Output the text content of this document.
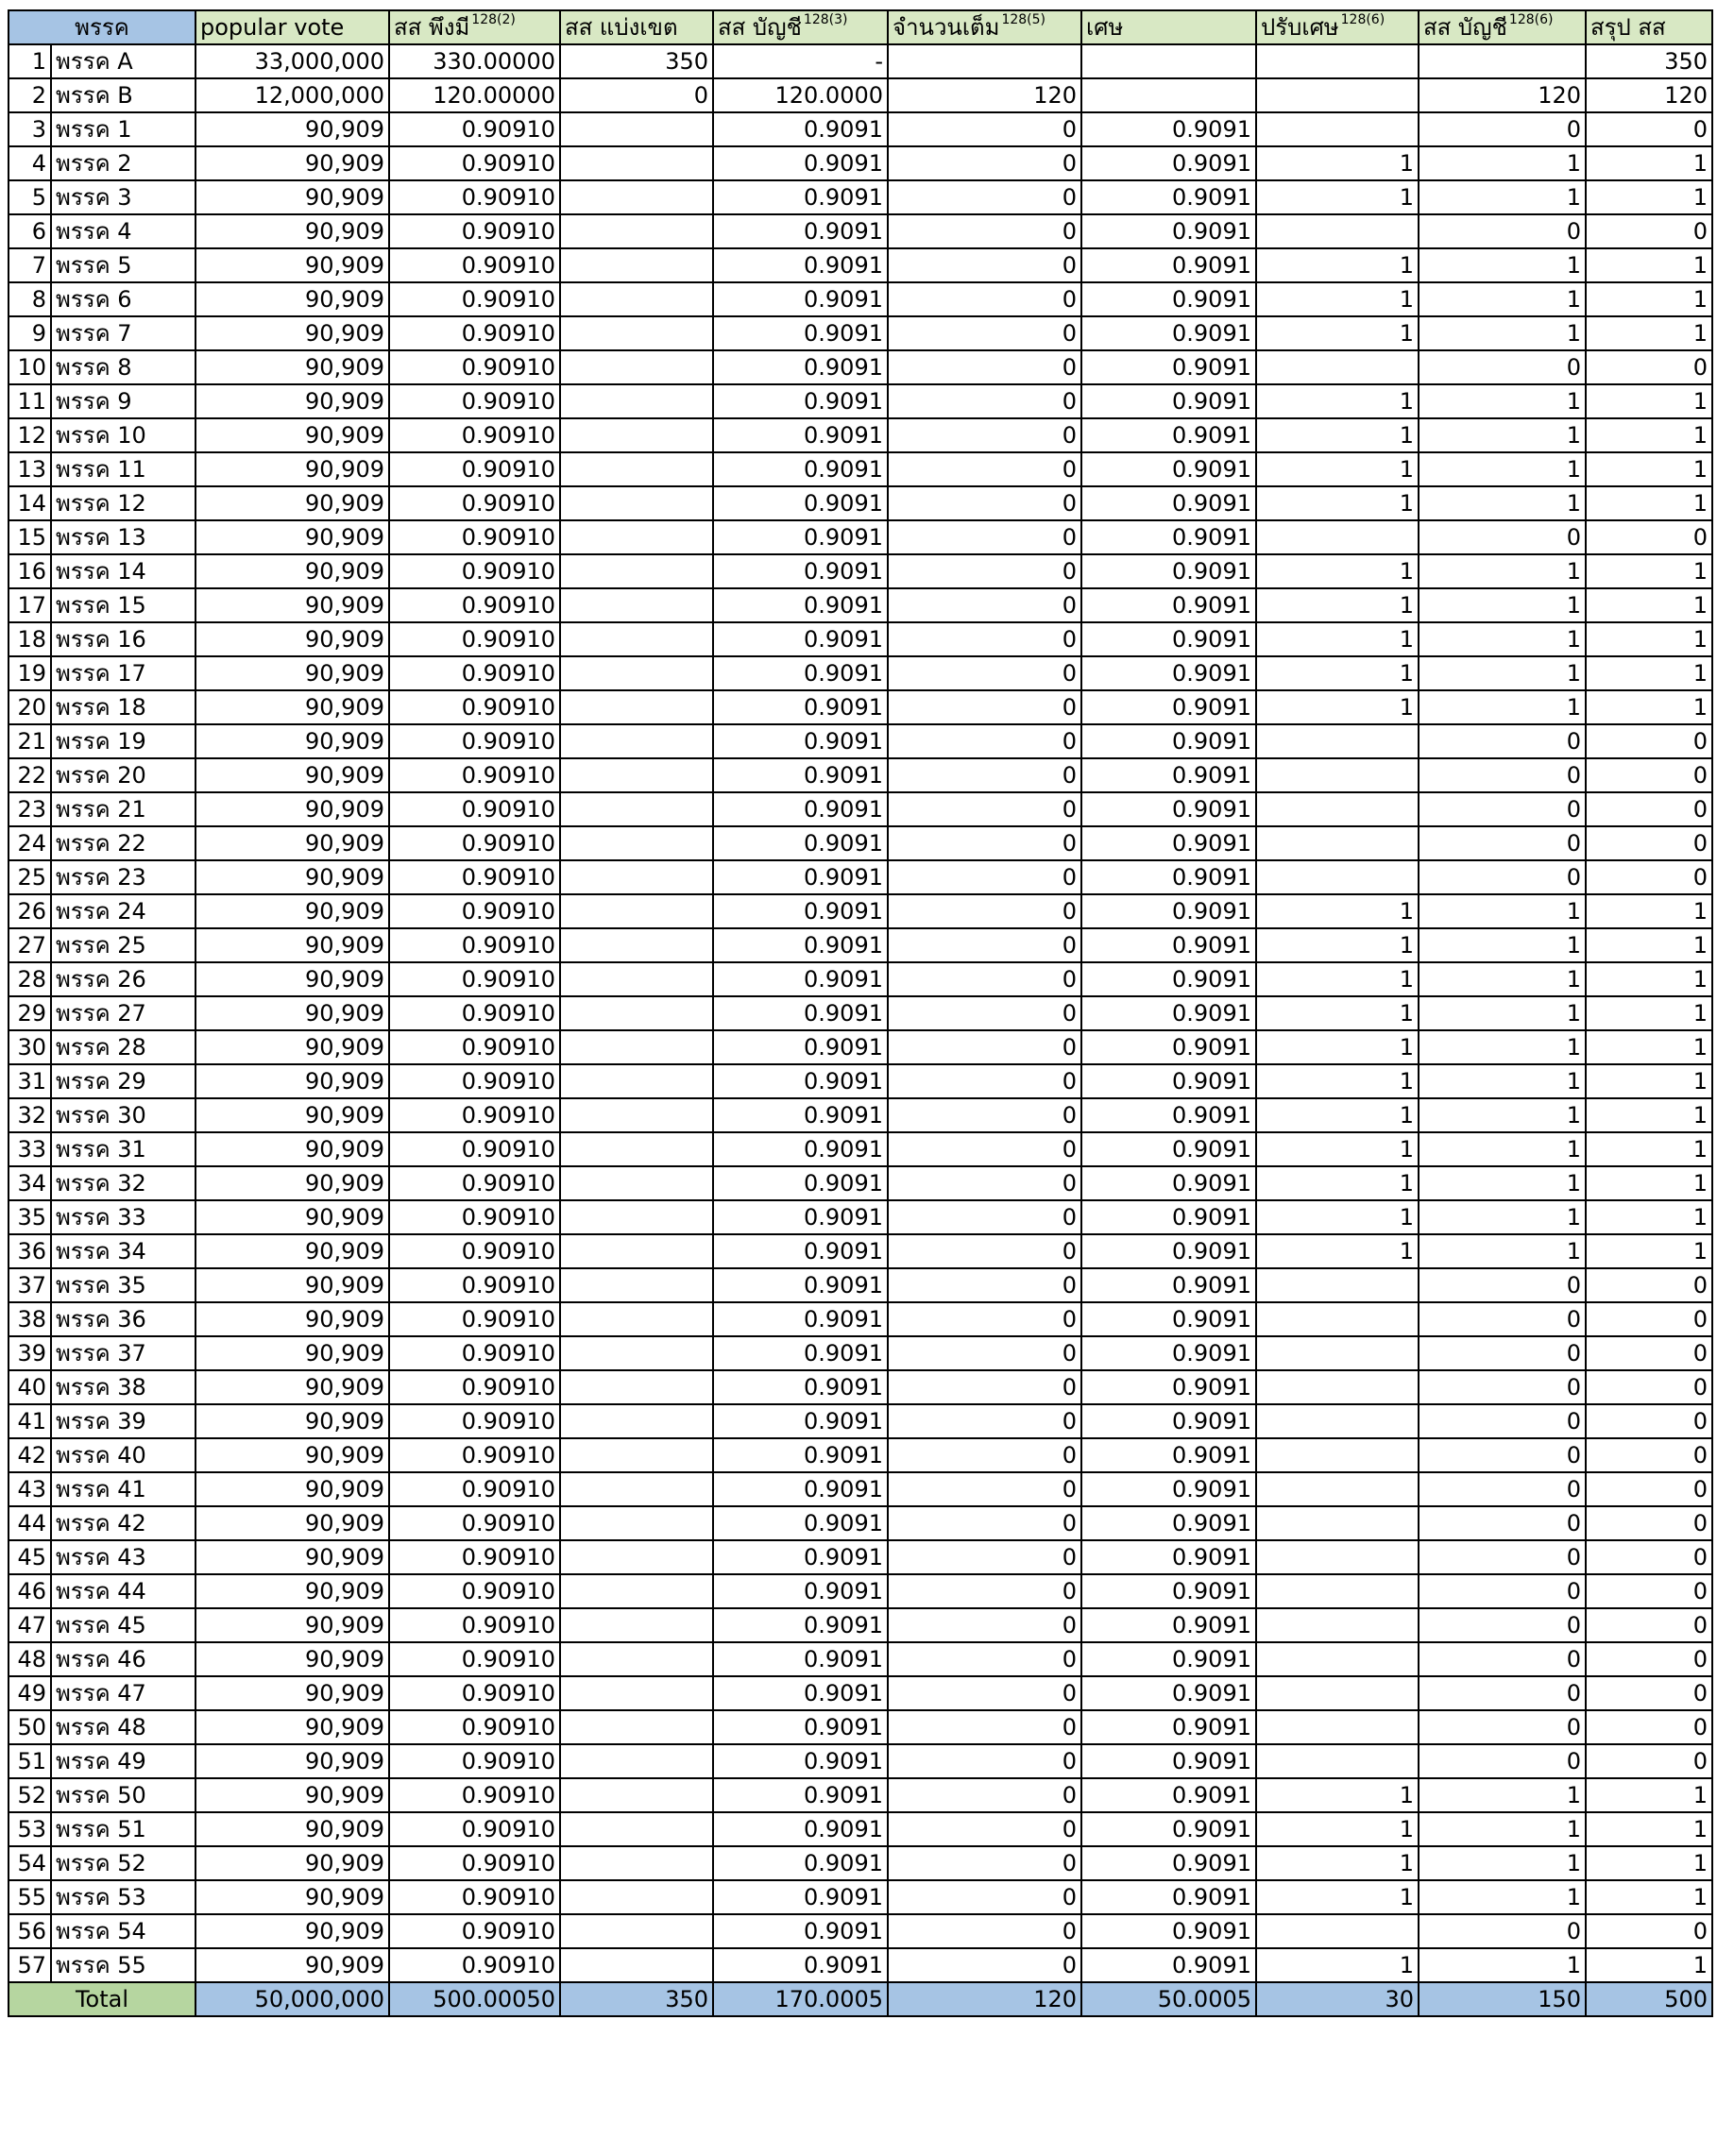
พรรค		popular vote	สส พึงมี $^{128(2)}$	สส แบ่งเขต	สส บัญชี $^{128(3)}$	จำนวนเต็ม $^{128(5)}$	เศษ	ปรับเศษ $^{128(6)}$	สส บัญชี $^{128(6)}$	สรุป สส
1	พรรค A	33,000,000	330.00000	350	-					350
2	พรรค B	12,000,000	120.00000	0	120.0000	120			120	120
3	พรรค 1	90,909	0.90910		0.9091	0	0.9091		0	0
4	พรรค 2	90,909	0.90910		0.9091	0	0.9091	1	1	1
5	พรรค 3	90,909	0.90910		0.9091	0	0.9091	1	1	1
6	พรรค 4	90,909	0.90910		0.9091	0	0.9091		0	0
7	พรรค 5	90,909	0.90910		0.9091	0	0.9091	1	1	1
8	พรรค 6	90,909	0.90910		0.9091	0	0.9091	1	1	1
9	พรรค 7	90,909	0.90910		0.9091	0	0.9091	1	1	1
10	พรรค 8	90,909	0.90910		0.9091	0	0.9091		0	0
11	พรรค 9	90,909	0.90910		0.9091	0	0.9091	1	1	1
12	พรรค 10	90,909	0.90910		0.9091	0	0.9091	1	1	1
13	พรรค 11	90,909	0.90910		0.9091	0	0.9091	1	1	1
14	พรรค 12	90,909	0.90910		0.9091	0	0.9091	1	1	1
15	พรรค 13	90,909	0.90910		0.9091	0	0.9091		0	0
16	พรรค 14	90,909	0.90910		0.9091	0	0.9091	1	1	1
17	พรรค 15	90,909	0.90910		0.9091	0	0.9091	1	1	1
18	พรรค 16	90,909	0.90910		0.9091	0	0.9091	1	1	1
19	พรรค 17	90,909	0.90910		0.9091	0	0.9091	1	1	1
20	พรรค 18	90,909	0.90910		0.9091	0	0.9091	1	1	1
21	พรรค 19	90,909	0.90910		0.9091	0	0.9091		0	0
22	พรรค 20	90,909	0.90910		0.9091	0	0.9091		0	0
23	พรรค 21	90,909	0.90910		0.9091	0	0.9091		0	0
24	พรรค 22	90,909	0.90910		0.9091	0	0.9091		0	0
25	พรรค 23	90,909	0.90910		0.9091	0	0.9091		0	0
26	พรรค 24	90,909	0.90910		0.9091	0	0.9091	1	1	1
27	พรรค 25	90,909	0.90910		0.9091	0	0.9091	1	1	1
28	พรรค 26	90,909	0.90910		0.9091	0	0.9091	1	1	1
29	พรรค 27	90,909	0.90910		0.9091	0	0.9091	1	1	1
30	พรรค 28	90,909	0.90910		0.9091	0	0.9091	1	1	1
31	พรรค 29	90,909	0.90910		0.9091	0	0.9091	1	1	1
32	พรรค 30	90,909	0.90910		0.9091	0	0.9091	1	1	1
33	พรรค 31	90,909	0.90910		0.9091	0	0.9091	1	1	1
34	พรรค 32	90,909	0.90910		0.9091	0	0.9091	1	1	1
35	พรรค 33	90,909	0.90910		0.9091	0	0.9091	1	1	1
36	พรรค 34	90,909	0.90910		0.9091	0	0.9091	1	1	1
37	พรรค 35	90,909	0.90910		0.9091	0	0.9091		0	0
38	พรรค 36	90,909	0.90910		0.9091	0	0.9091		0	0
39	พรรค 37	90,909	0.90910		0.9091	0	0.9091		0	0
40	พรรค 38	90,909	0.90910		0.9091	0	0.9091		0	0
41	พรรค 39	90,909	0.90910		0.9091	0	0.9091		0	0
42	พรรค 40	90,909	0.90910		0.9091	0	0.9091		0	0
43	พรรค 41	90,909	0.90910		0.9091	0	0.9091		0	0
44	พรรค 42	90,909	0.90910		0.9091	0	0.9091		0	0
45	พรรค 43	90,909	0.90910		0.9091	0	0.9091		0	0
46	พรรค 44	90,909	0.90910		0.9091	0	0.9091		0	0
47	พรรค 45	90,909	0.90910		0.9091	0	0.9091		0	0
48	พรรค 46	90,909	0.90910		0.9091	0	0.9091		0	0
49	พรรค 47	90,909	0.90910		0.9091	0	0.9091		0	0
50	พรรค 48	90,909	0.90910		0.9091	0	0.9091		0	0
51	พรรค 49	90,909	0.90910		0.9091	0	0.9091		0	0
52	พรรค 50	90,909	0.90910		0.9091	0	0.9091	1	1	1
53	พรรค 51	90,909	0.90910		0.9091	0	0.9091	1	1	1
54	พรรค 52	90,909	0.90910		0.9091	0	0.9091	1	1	1
55	พรรค 53	90,909	0.90910		0.9091	0	0.9091	1	1	1
56	พรรค 54	90,909	0.90910		0.9091	0	0.9091		0	0
57	พรรค 55	90,909	0.90910		0.9091	0	0.9091	1	1	1
Total		50,000,000	500.00050	350	170.0005	120	50.0005	30	150	500
